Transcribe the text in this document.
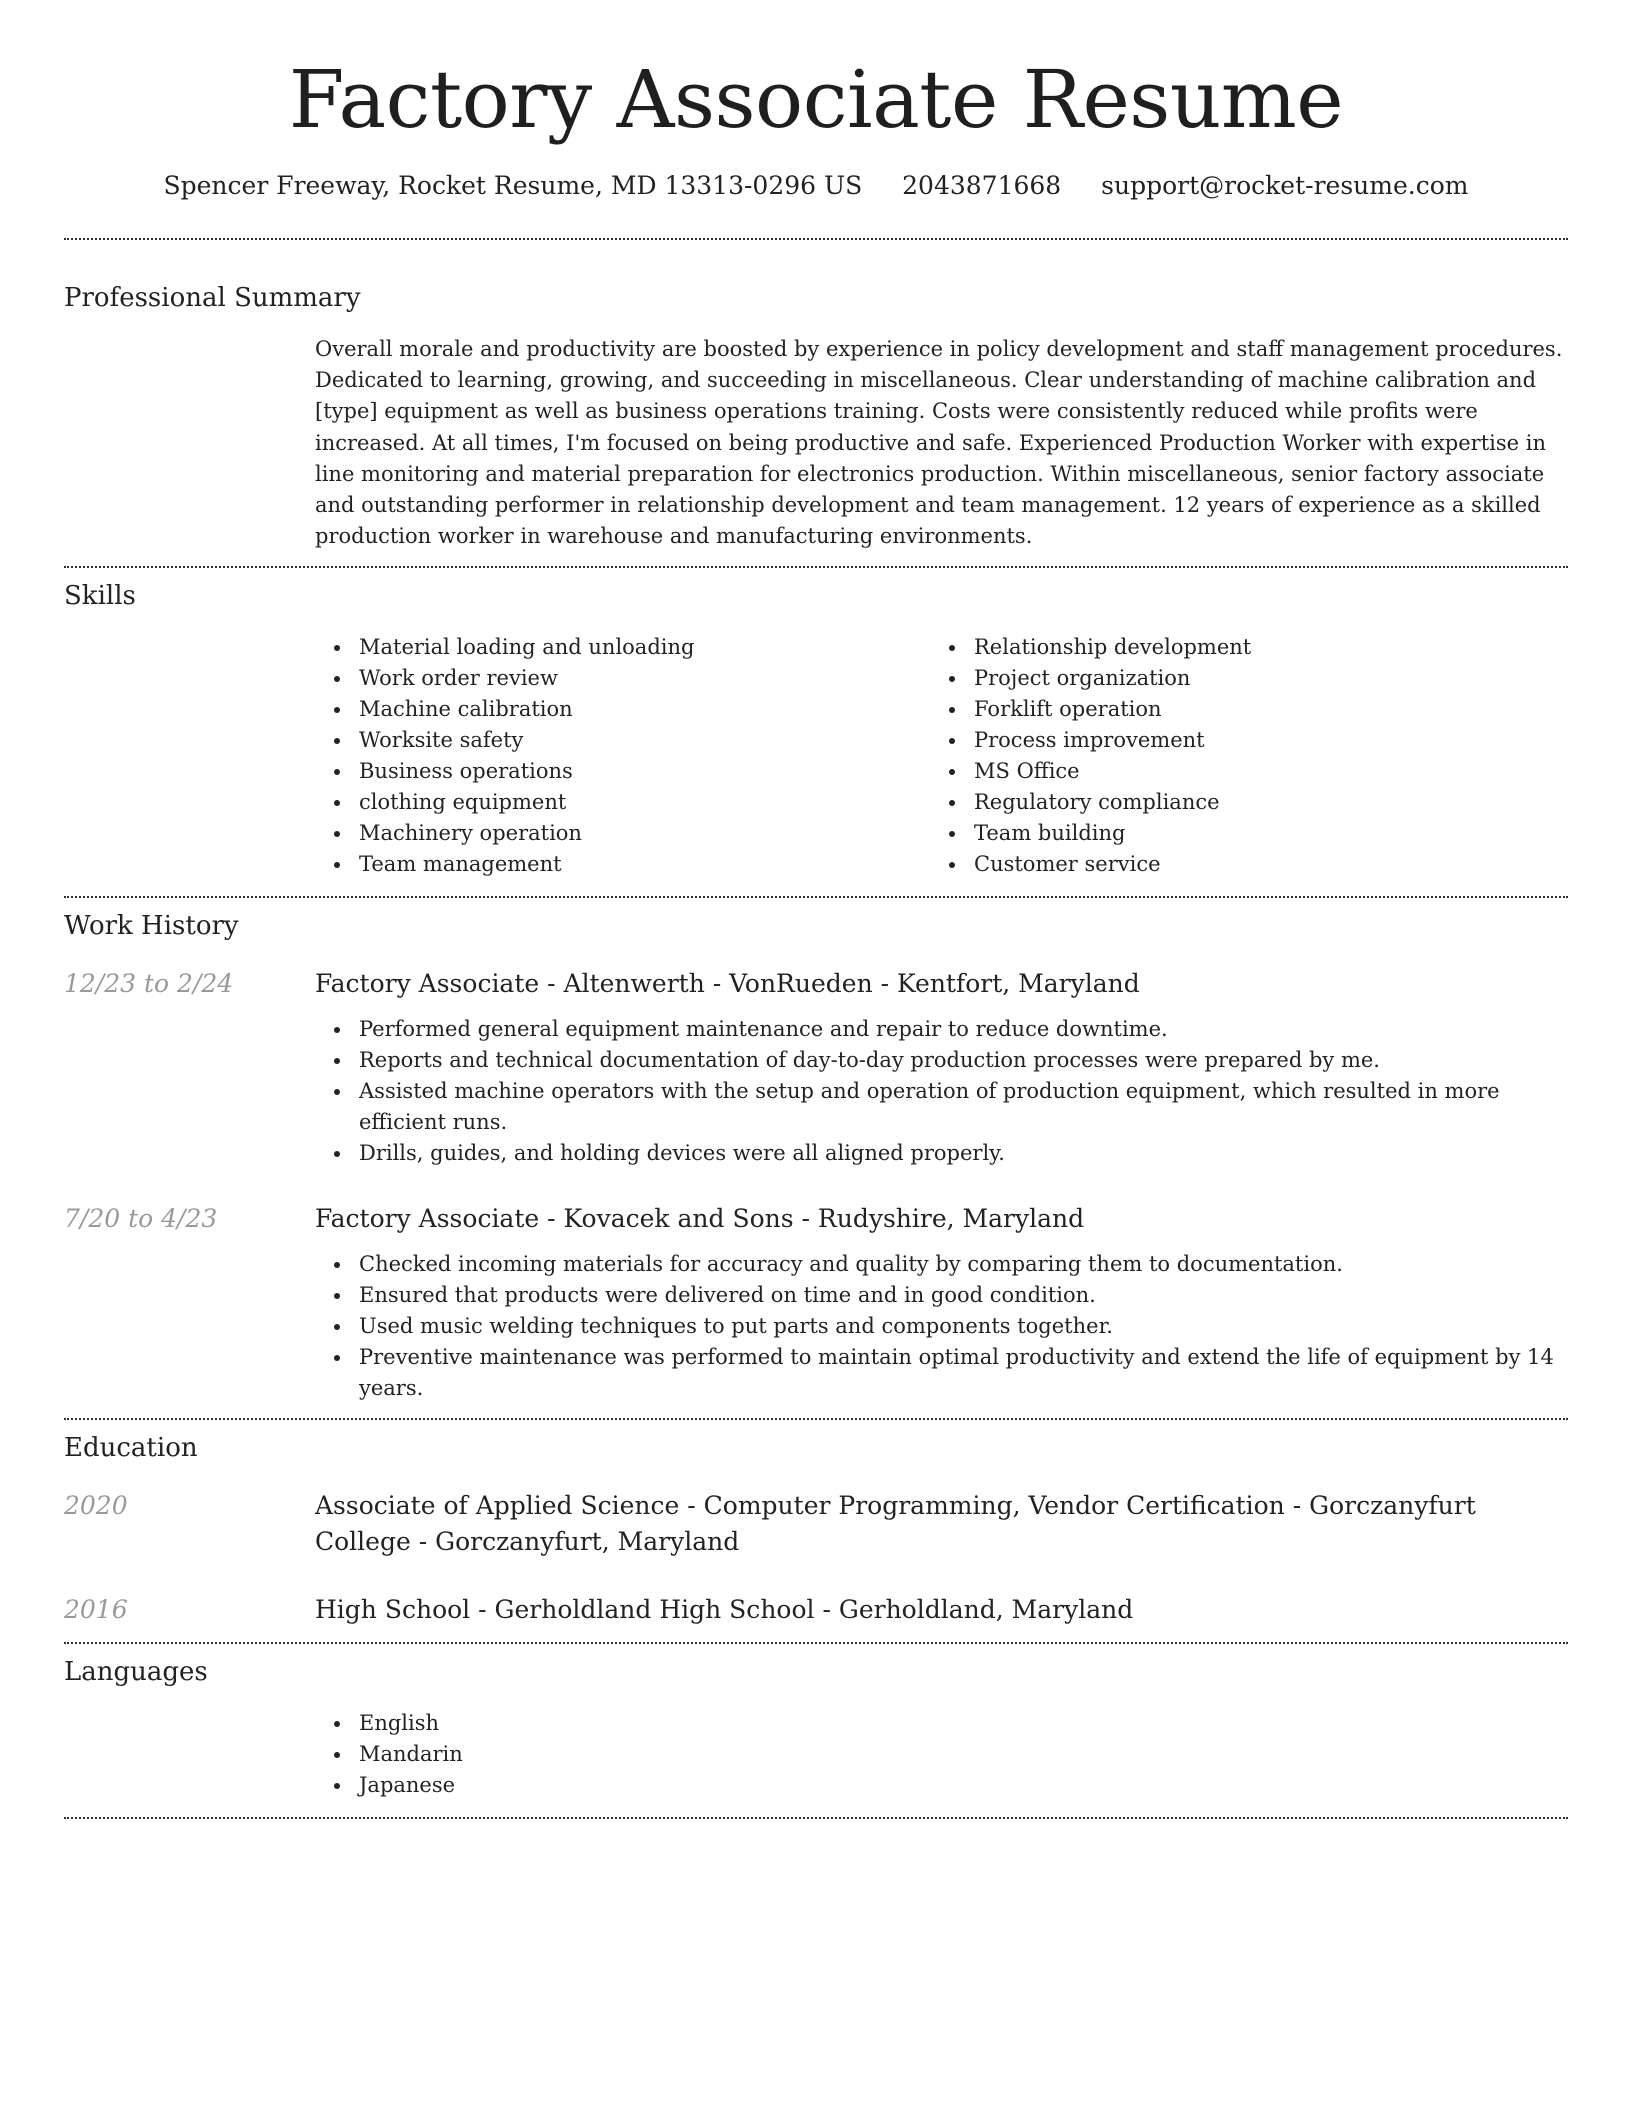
Factory Associate Resume
Spencer Freeway, Rocket Resume, MD 13313-0296 US 2043871668 support@rocket-resume.com
Professional Summary

Overall morale and productivity are boosted by experience in policy development and staff management procedures. Dedicated to learning, growing, and succeeding in miscellaneous. Clear understanding of machine calibration and [type] equipment as well as business operations training. Costs were consistently reduced while profits were increased. At all times, I'm focused on being productive and safe. Experienced Production Worker with expertise in line monitoring and material preparation for electronics production. Within miscellaneous, senior factory associate and outstanding performer in relationship development and team management. 12 years of experience as a skilled production worker in warehouse and manufacturing environments.

Skills
Material loading and unloading
Work order review
Machine calibration
Worksite safety
Business operations
clothing equipment
Machinery operation
Team management
Relationship development
Project organization
Forklift operation
Process improvement
MS Office
Regulatory compliance
Team building
Customer service
Work History
12/23 to 2/24	Factory Associate - Altenwerth - VonRueden - Kentfort, Maryland
Performed general equipment maintenance and repair to reduce downtime.
Reports and technical documentation of day-to-day production processes were prepared by me.
Assisted machine operators with the setup and operation of production equipment, which resulted in more efficient runs.
Drills, guides, and holding devices were all aligned properly.
7/20 to 4/23	Factory Associate - Kovacek and Sons - Rudyshire, Maryland
Checked incoming materials for accuracy and quality by comparing them to documentation.
Ensured that products were delivered on time and in good condition.
Used music welding techniques to put parts and components together.
Preventive maintenance was performed to maintain optimal productivity and extend the life of equipment by 14 years.
Education
2020	Associate of Applied Science - Computer Programming, Vendor Certification - Gorczanyfurt College - Gorczanyfurt, Maryland
2016	High School - Gerholdland High School - Gerholdland, Maryland
Languages
English
Mandarin
Japanese
